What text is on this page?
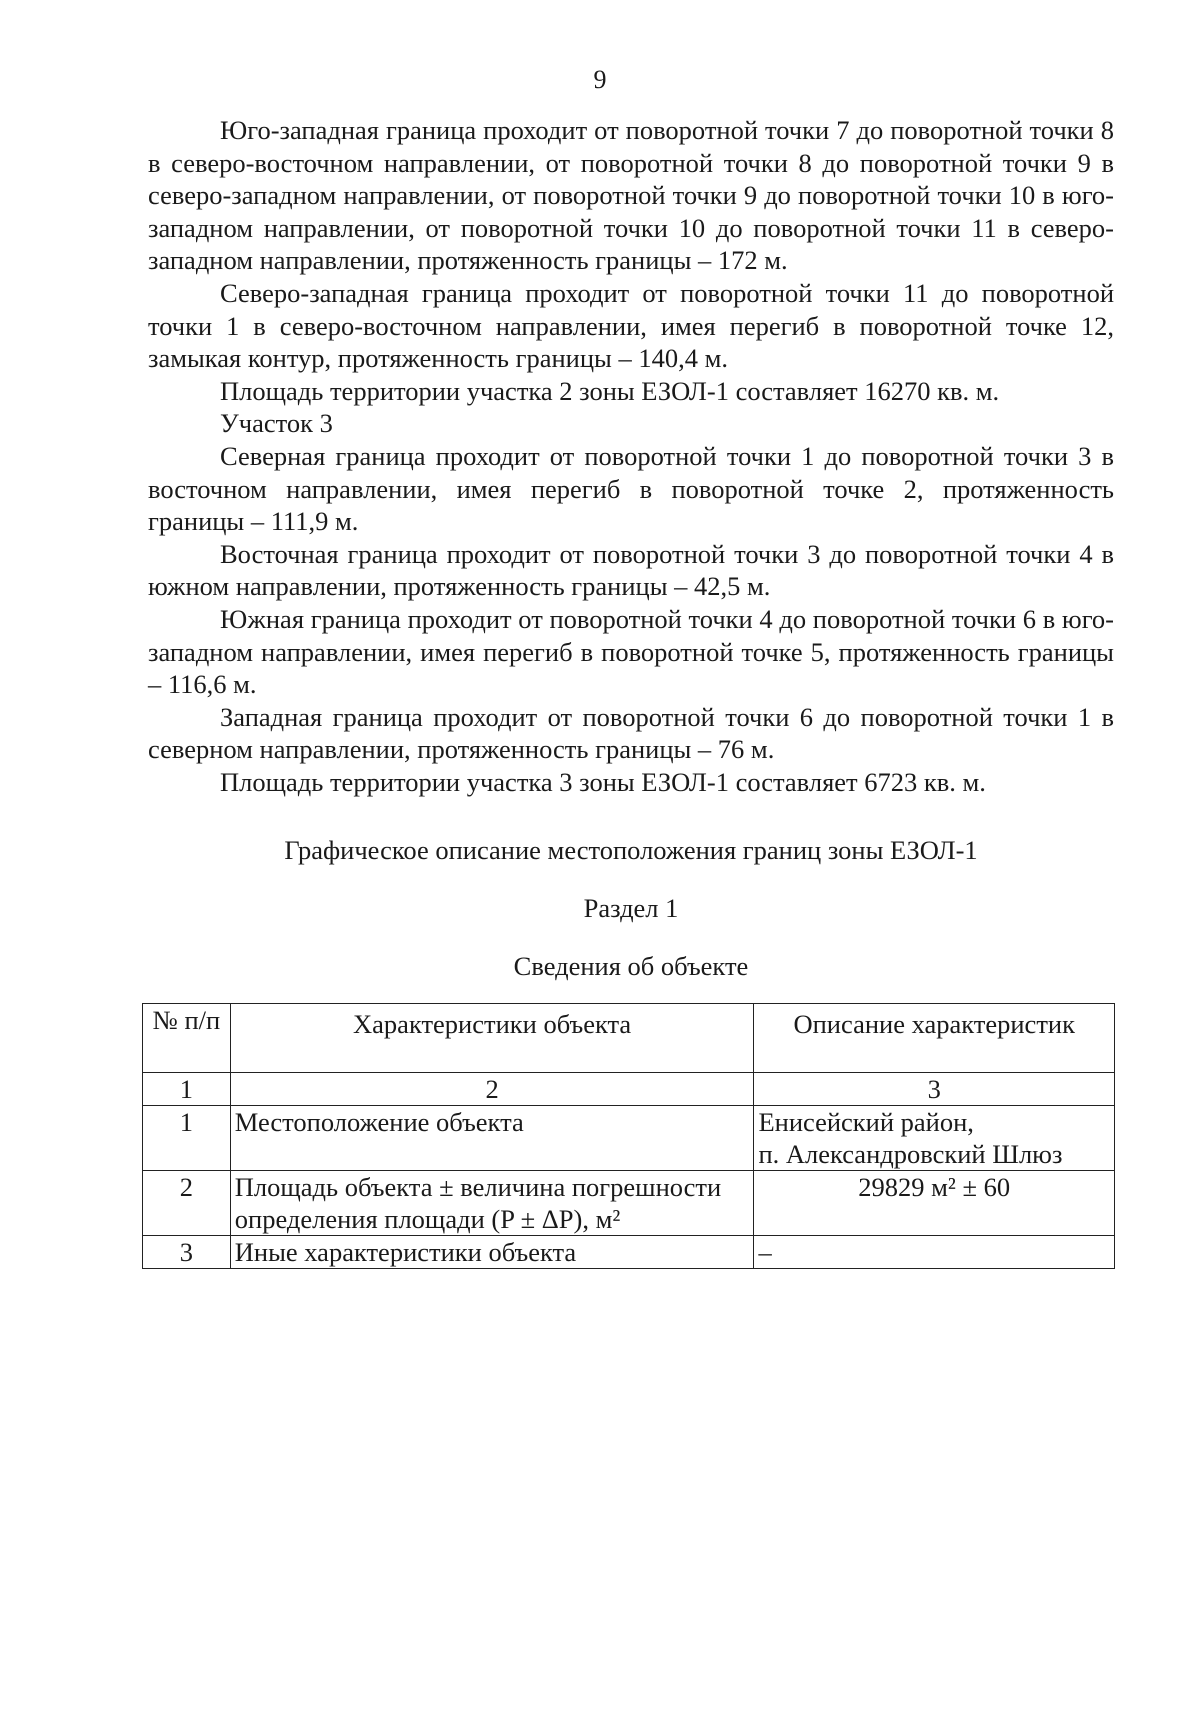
9

Юго-западная граница проходит от поворотной точки 7 до поворотной точки 8 в северо-восточном направлении, от поворотной точки 8 до поворотной точки 9 в северо-западном направлении, от поворотной точки 9 до поворотной точки 10 в юго-западном направлении, от поворотной точки 10 до поворотной точки 11 в северо-западном направлении, протяженность границы – 172 м.

Северо-западная граница проходит от поворотной точки 11 до поворотной точки 1 в северо-восточном направлении, имея перегиб в поворотной точке 12, замыкая контур, протяженность границы – 140,4 м.

Площадь территории участка 2 зоны ЕЗОЛ-1 составляет 16270 кв. м.

Участок 3

Северная граница проходит от поворотной точки 1 до поворотной точки 3 в восточном направлении, имея перегиб в поворотной точке 2, протяженность границы – 111,9 м.

Восточная граница проходит от поворотной точки 3 до поворотной точки 4 в южном направлении, протяженность границы – 42,5 м.

Южная граница проходит от поворотной точки 4 до поворотной точки 6 в юго-западном направлении, имея перегиб в поворотной точке 5, протяженность границы – 116,6 м.

Западная граница проходит от поворотной точки 6 до поворотной точки 1 в северном направлении, протяженность границы – 76 м.

Площадь территории участка 3 зоны ЕЗОЛ-1 составляет 6723 кв. м.

Графическое описание местоположения границ зоны ЕЗОЛ-1
Раздел 1
Сведения об объекте
№ п/п	Характеристики объекта	Описание характеристик
1	2	3
1	Местоположение объекта	Енисейский район,
п. Александровский Шлюз

2	Площадь объекта ± величина погрешности определения площади (P ± ΔP), м²	29829 м² ± 60
3	Иные характеристики объекта	–
